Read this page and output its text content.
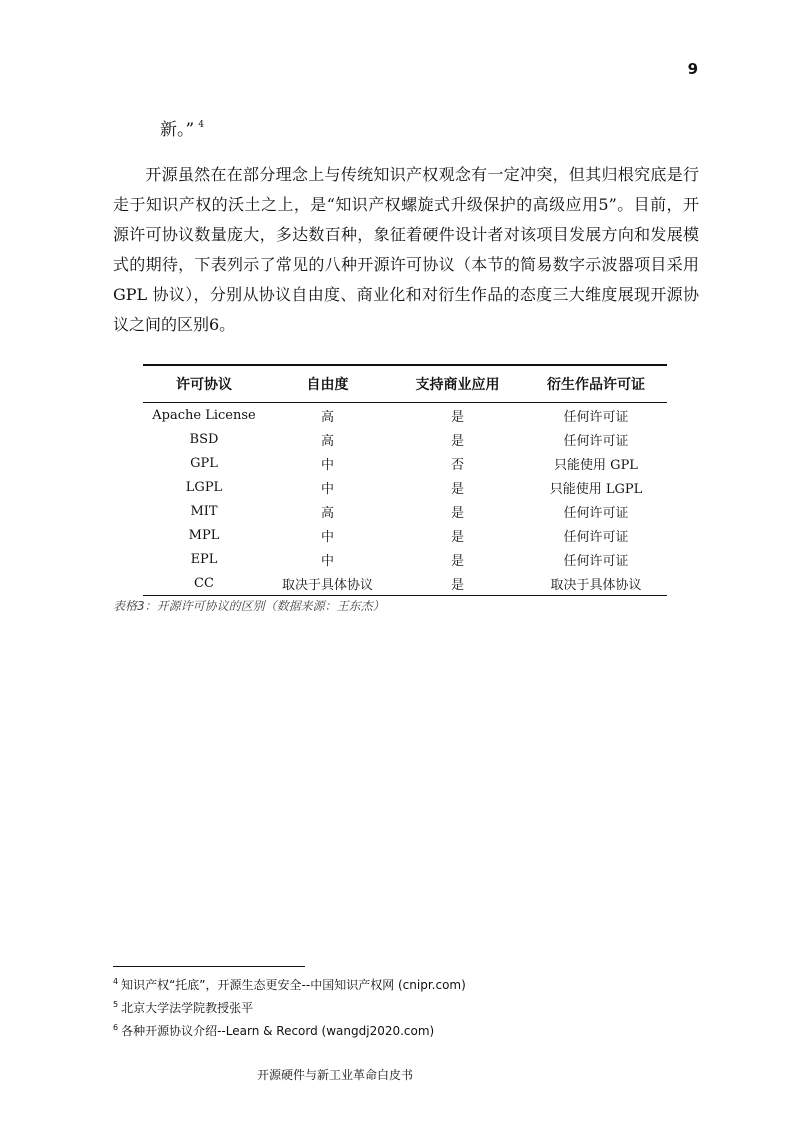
9
新。” $^4$
开源虽然在在部分理念上与传统知识产权观念有一定冲突，但其归根究底是行走于知识产权的沃土之上，是“知识产权螺旋式升级保护的高级应用5”。目前，开源许可协议数量庞大，多达数百种，象征着硬件设计者对该项目发展方向和发展模式的期待，下表列示了常见的八种开源许可协议（本节的简易数字示波器项目采用GPL 协议），分别从协议自由度、商业化和对衍生作品的态度三大维度展现开源协议之间的区别6。
许可协议	自由度	支持商业应用	衍生作品许可证
Apache License	高	是	任何许可证
BSD	高	是	任何许可证
GPL	中	否	只能使用 GPL
LGPL	中	是	只能使用 LGPL
MIT	高	是	任何许可证
MPL	中	是	任何许可证
EPL	中	是	任何许可证
CC	取决于具体协议	是	取决于具体协议
表格3：开源许可协议的区别（数据来源：王东杰）
$^4$ 知识产权“托底”，开源生态更安全--中国知识产权网 (cnipr.com)
$^5$ 北京大学法学院教授张平
$^6$ 各种开源协议介绍--Learn & Record (wangdj2020.com)
开源硬件与新工业革命白皮书
